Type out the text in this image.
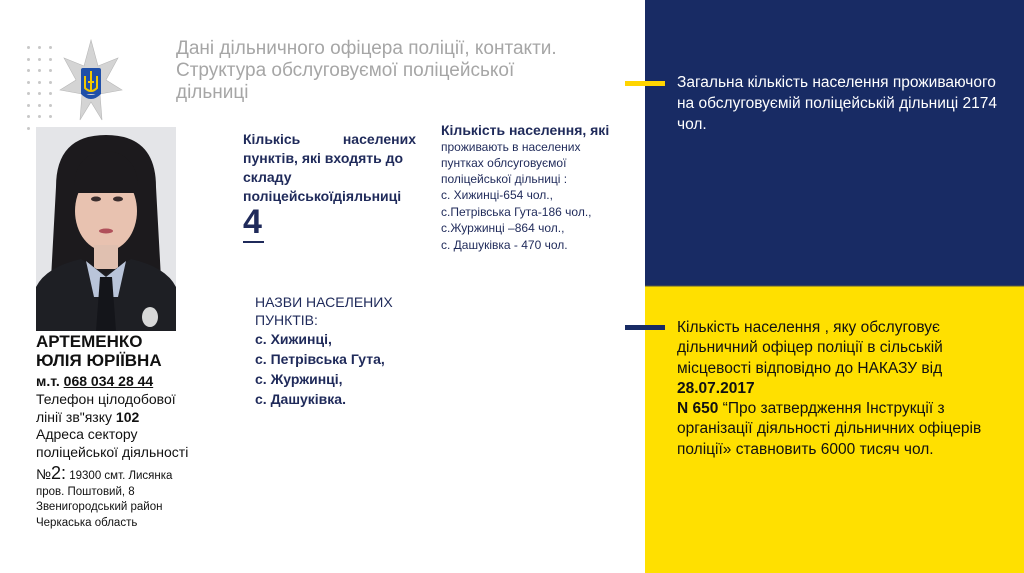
Дані дільничного офіцера поліції, контакти.
Структура обслуговуємої поліцейської
дільниці
АРТЕМЕНКО
ЮЛІЯ ЮРІЇВНА
м.т. 068 034 28 44
Телефон цілодобової
лінії зв"язку 102
Адреса сектору
поліцейської діяльності
№2: 19300 смт. Лисянка
пров. Поштовий, 8
Звенигородський район
Черкаська область
Кількісь населених
пунктів, які входять до
складу
поліцейськоїдіяльниці
4
Кількість населення, які
проживають в населених
пунтках облсуговуємої
поліцейської дільниці :
с. Хижинці-654 чол.,
с.Петрівська Гута-186 чол.,
с.Журжинці –864 чол.,
с. Дашуківка - 470 чол.
НАЗВИ НАСЕЛЕНИХ
ПУНКТІВ:
с. Хижинці,
с. Петрівська Гута,
с. Журжинці,
с. Дашуківка.
Загальна кількість населення проживаючого на обслуговуємій поліцейській дільниці 2174 чол.
Кількість населення , яку обслуговує дільничний офіцер поліції в сільській місцевості відповідно до НАКАЗУ від
28.07.2017
N 650 “Про затвердження Інструкції з організації діяльності дільничних офіцерів поліції» ставновить 6000 тисяч чол.
